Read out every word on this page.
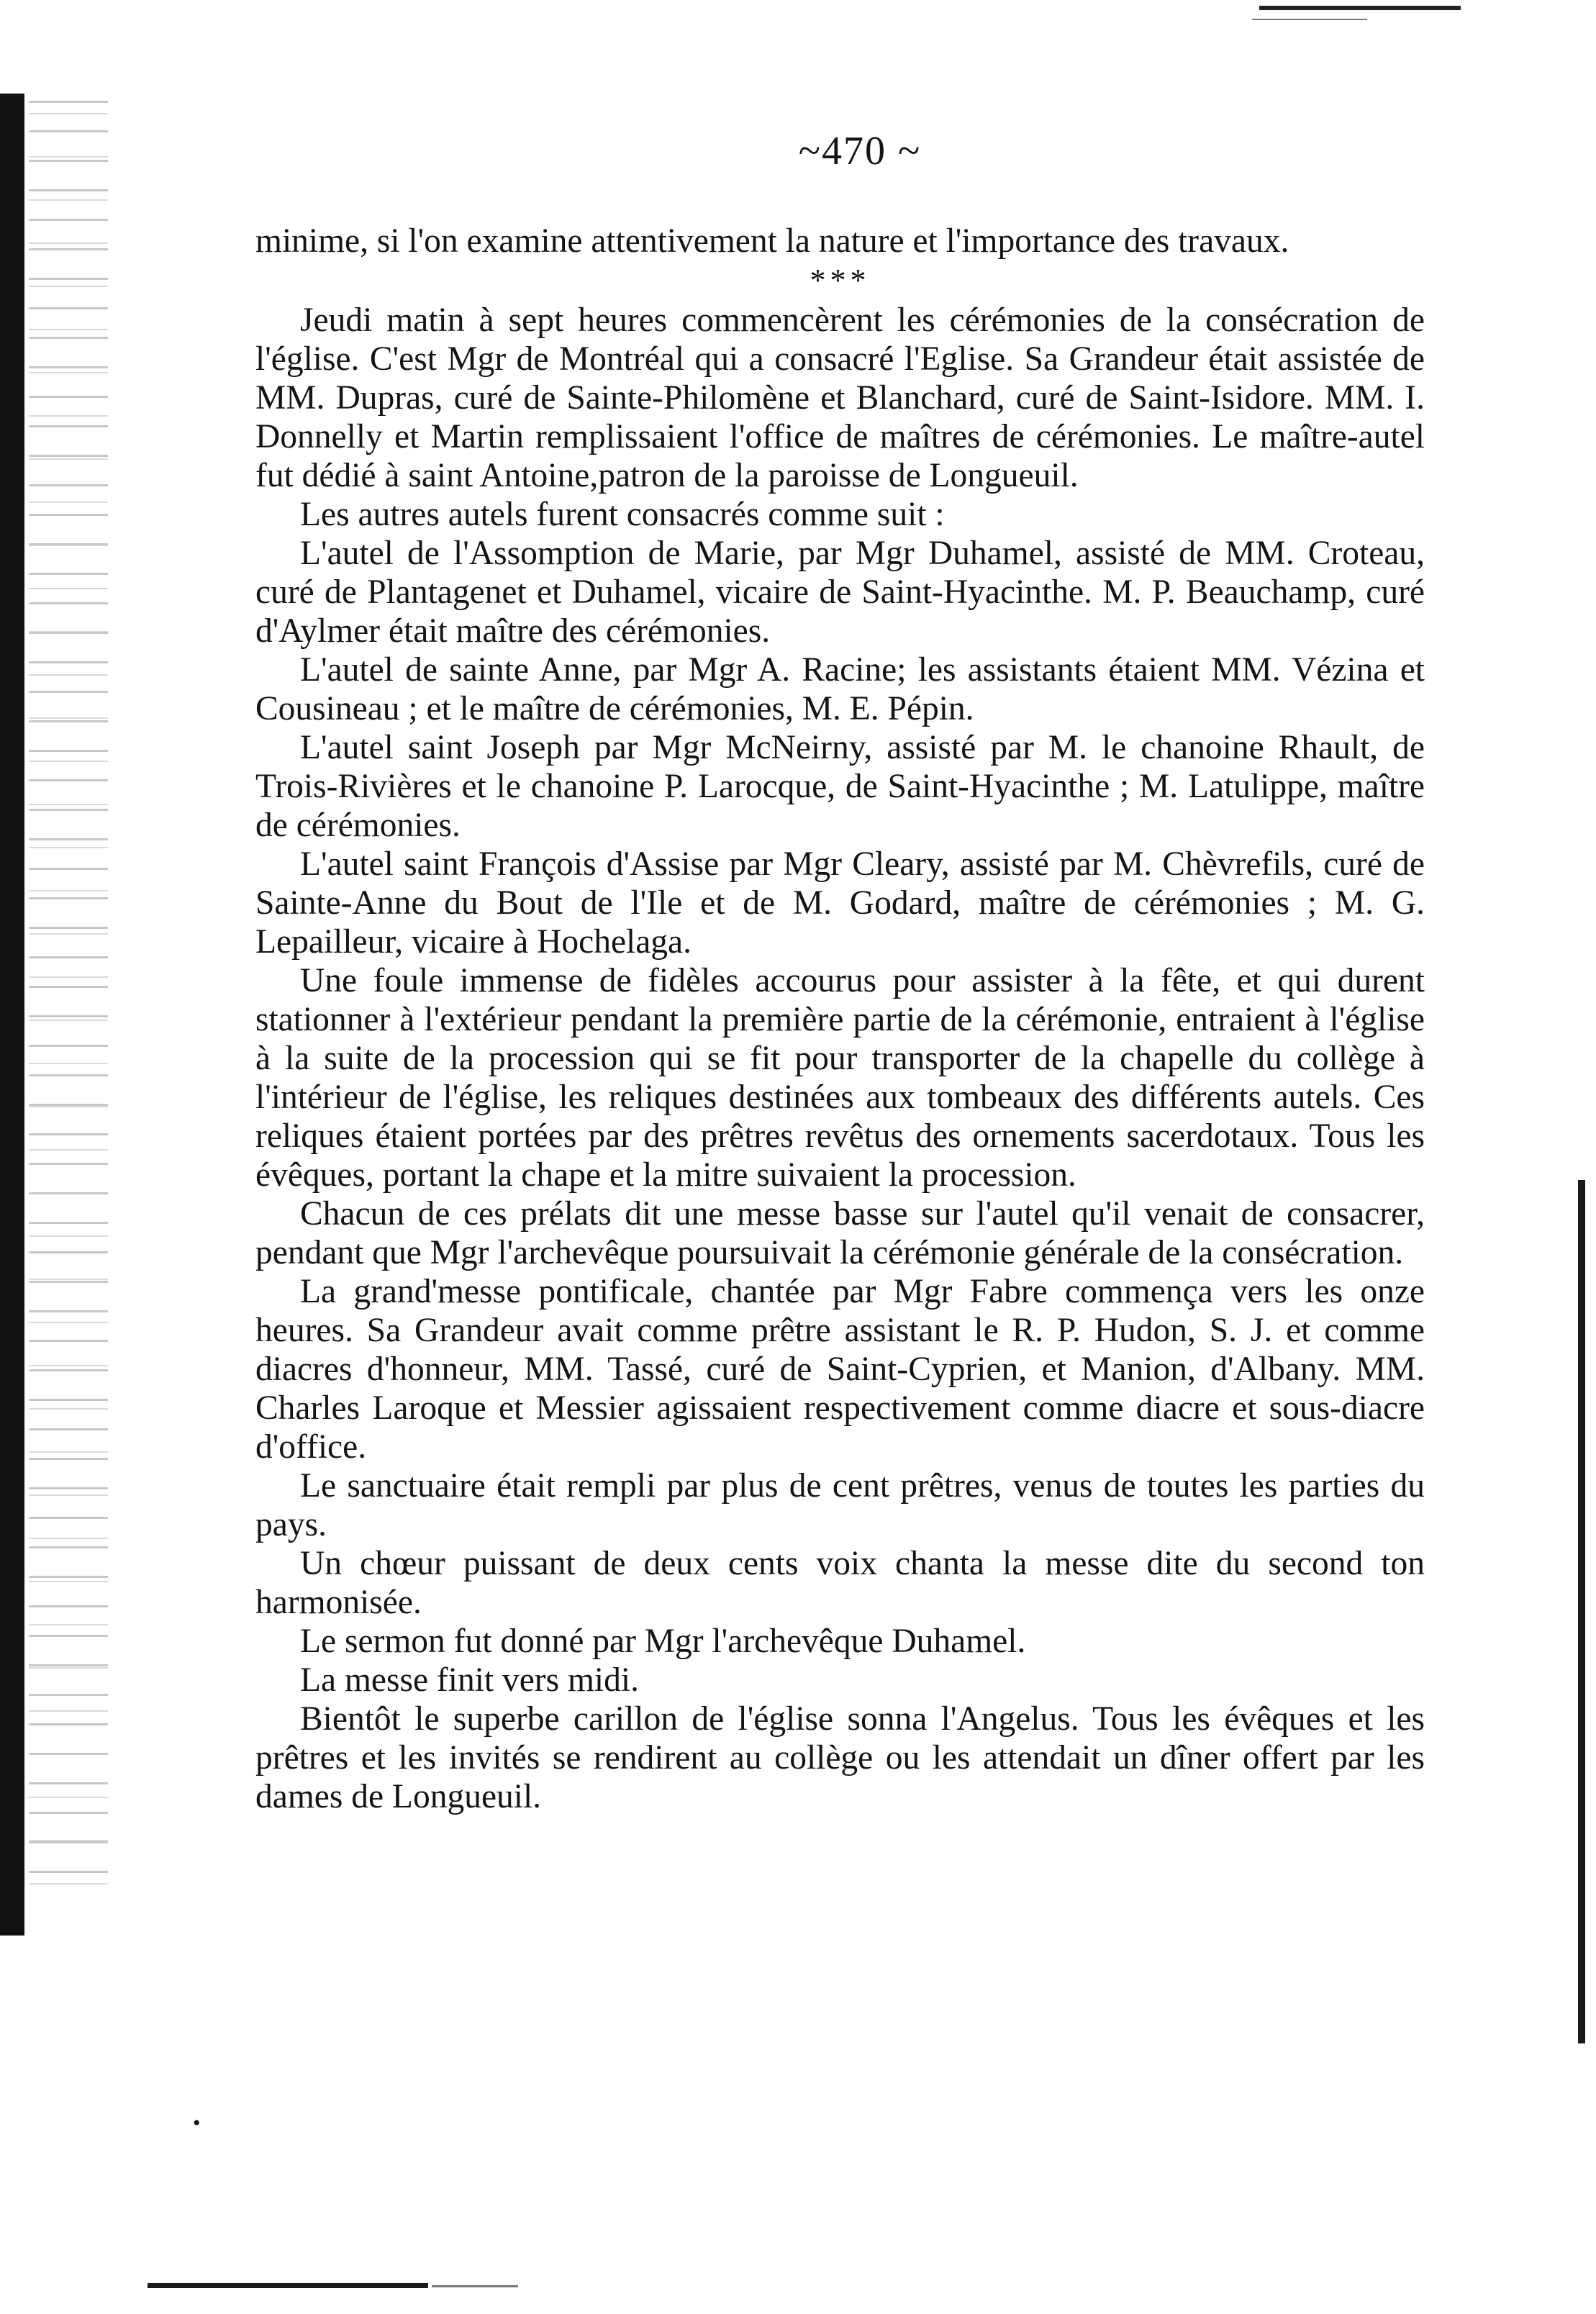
~470 ~

minime, si l'on examine attentivement la nature et l'importance des travaux.

***

Jeudi matin à sept heures commencèrent les cérémonies de la consécration de l'église. C'est Mgr de Montréal qui a consacré l'Eglise. Sa Grandeur était assistée de MM. Dupras, curé de Sainte-Philomène et Blanchard, curé de Saint-Isidore. MM. I. Donnelly et Martin remplissaient l'office de maîtres de cérémonies. Le maître-autel fut dédié à saint Antoine,patron de la paroisse de Longueuil.

Les autres autels furent consacrés comme suit :

L'autel de l'Assomption de Marie, par Mgr Duhamel, assisté de MM. Croteau, curé de Plantagenet et Duhamel, vicaire de Saint-Hyacinthe. M. P. Beauchamp, curé d'Aylmer était maître des cérémonies.

L'autel de sainte Anne, par Mgr A. Racine; les assistants étaient MM. Vézina et Cousineau ; et le maître de cérémonies, M. E. Pépin.

L'autel saint Joseph par Mgr McNeirny, assisté par M. le chanoine Rhault, de Trois-Rivières et le chanoine P. Larocque, de Saint-Hyacinthe ; M. Latulippe, maître de cérémonies.

L'autel saint François d'Assise par Mgr Cleary, assisté par M. Chèvrefils, curé de Sainte-Anne du Bout de l'Ile et de M. Godard, maître de cérémonies ; M. G. Lepailleur, vicaire à Hochelaga.

Une foule immense de fidèles accourus pour assister à la fête, et qui durent stationner à l'extérieur pendant la première partie de la cérémonie, entraient à l'église à la suite de la procession qui se fit pour transporter de la chapelle du collège à l'intérieur de l'église, les reliques destinées aux tombeaux des différents autels. Ces reliques étaient portées par des prêtres revêtus des ornements sacerdotaux. Tous les évêques, portant la chape et la mitre suivaient la procession.

Chacun de ces prélats dit une messe basse sur l'autel qu'il venait de consacrer, pendant que Mgr l'archevêque poursuivait la cérémonie générale de la consécration.

La grand'messe pontificale, chantée par Mgr Fabre commença vers les onze heures. Sa Grandeur avait comme prêtre assistant le R. P. Hudon, S. J. et comme diacres d'honneur, MM. Tassé, curé de Saint-Cyprien, et Manion, d'Albany. MM. Charles Laroque et Messier agissaient respectivement comme diacre et sous-diacre d'office.

Le sanctuaire était rempli par plus de cent prêtres, venus de toutes les parties du pays.

Un chœur puissant de deux cents voix chanta la messe dite du second ton harmonisée.

Le sermon fut donné par Mgr l'archevêque Duhamel.

La messe finit vers midi.

Bientôt le superbe carillon de l'église sonna l'Angelus. Tous les évêques et les prêtres et les invités se rendirent au collège ou les attendait un dîner offert par les dames de Longueuil.

•
